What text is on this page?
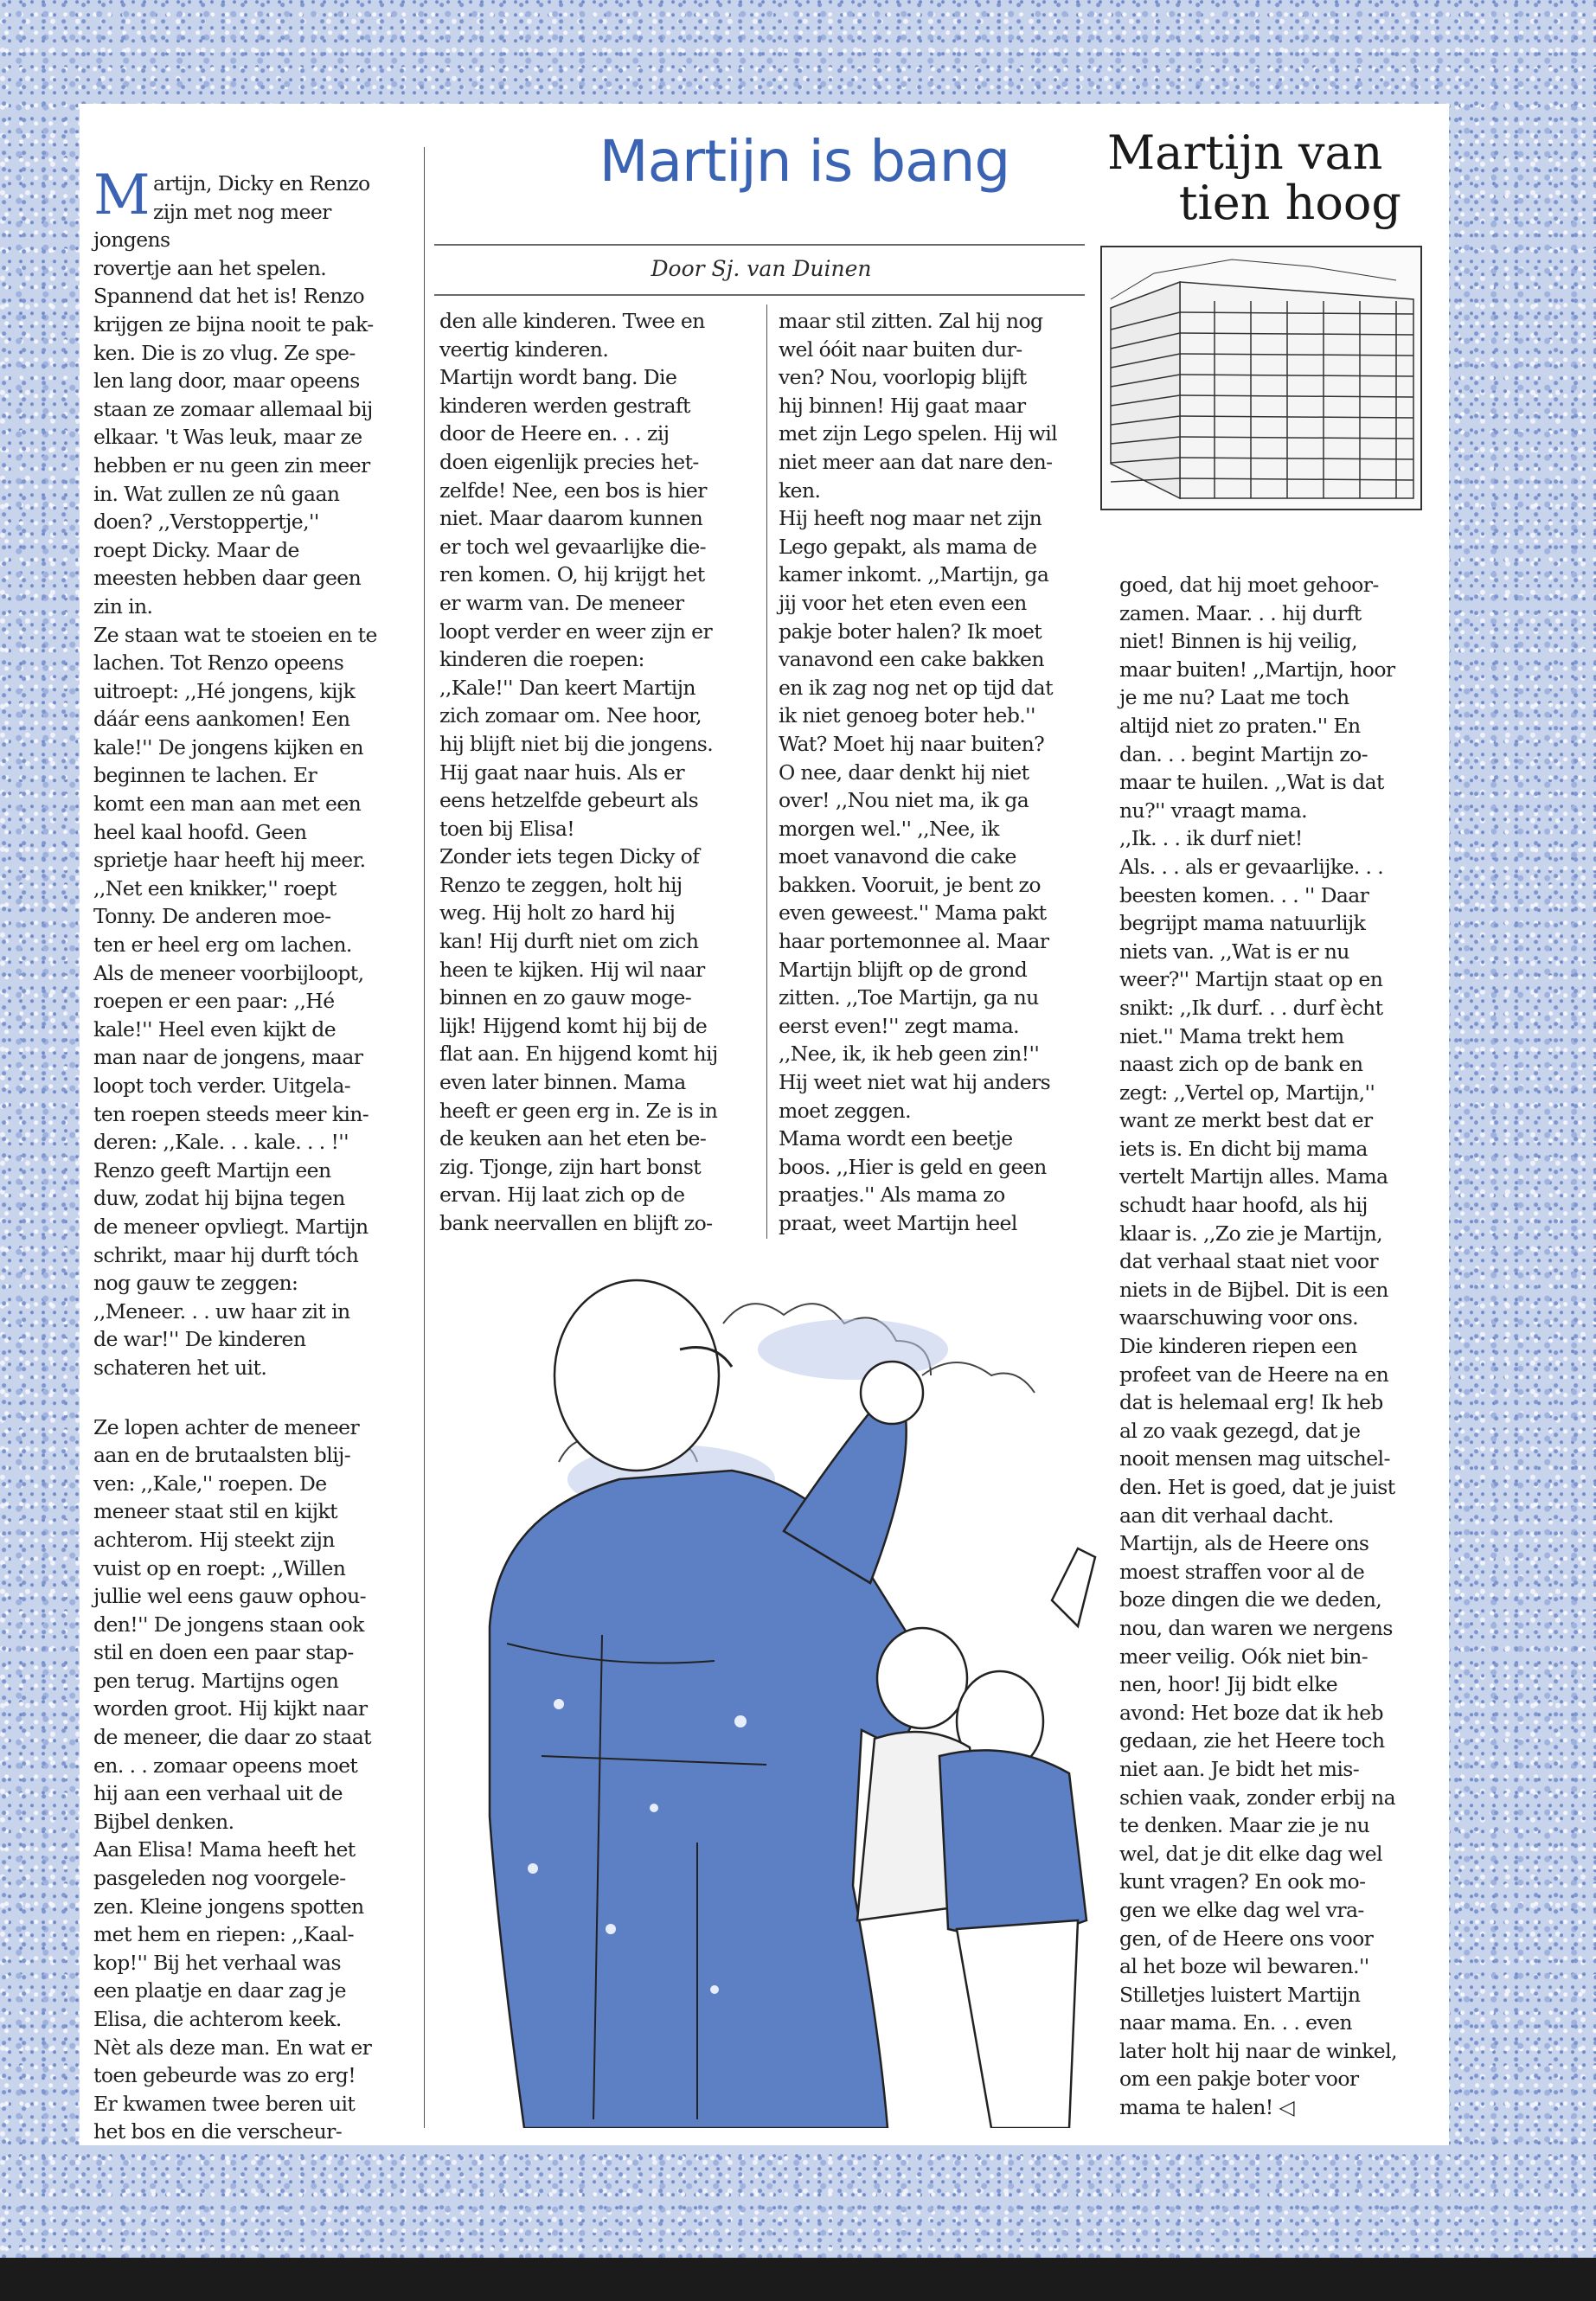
Martijn is bang
Door Sj. van Duinen
Martijn van
tien hoog
M artijn, Dicky en Renzo
zijn met nog meer jongens
rovertje aan het spelen.
Spannend dat het is! Renzo
krijgen ze bijna nooit te pak-
ken. Die is zo vlug. Ze spe-
len lang door, maar opeens
staan ze zomaar allemaal bij
elkaar. 't Was leuk, maar ze
hebben er nu geen zin meer
in. Wat zullen ze nû gaan
doen? ,,Verstoppertje,''
roept Dicky. Maar de
meesten hebben daar geen
zin in.

Ze staan wat te stoeien en te
lachen. Tot Renzo opeens
uitroept: ,,Hé jongens, kijk
dáár eens aankomen! Een
kale!'' De jongens kijken en
beginnen te lachen. Er
komt een man aan met een
heel kaal hoofd. Geen
sprietje haar heeft hij meer.
,,Net een knikker,'' roept
Tonny. De anderen moe-
ten er heel erg om lachen.
Als de meneer voorbijloopt,
roepen er een paar: ,,Hé
kale!'' Heel even kijkt de
man naar de jongens, maar
loopt toch verder. Uitgela-
ten roepen steeds meer kin-
deren: ,,Kale. . . kale. . . !''
Renzo geeft Martijn een
duw, zodat hij bijna tegen
de meneer opvliegt. Martijn
schrikt, maar hij durft tóch
nog gauw te zeggen:
,,Meneer. . . uw haar zit in
de war!'' De kinderen
schateren het uit.

Ze lopen achter de meneer
aan en de brutaalsten blij-
ven: ,,Kale,'' roepen. De
meneer staat stil en kijkt
achterom. Hij steekt zijn
vuist op en roept: ,,Willen
jullie wel eens gauw ophou-
den!'' De jongens staan ook
stil en doen een paar stap-
pen terug. Martijns ogen
worden groot. Hij kijkt naar
de meneer, die daar zo staat
en. . . zomaar opeens moet
hij aan een verhaal uit de
Bijbel denken.

Aan Elisa! Mama heeft het
pasgeleden nog voorgele-
zen. Kleine jongens spotten
met hem en riepen: ,,Kaal-
kop!'' Bij het verhaal was
een plaatje en daar zag je
Elisa, die achterom keek.
Nèt als deze man. En wat er
toen gebeurde was zo erg!
Er kwamen twee beren uit
het bos en die verscheur-

den alle kinderen. Twee en
veertig kinderen.

Martijn wordt bang. Die
kinderen werden gestraft
door de Heere en. . . zij
doen eigenlijk precies het-
zelfde! Nee, een bos is hier
niet. Maar daarom kunnen
er toch wel gevaarlijke die-
ren komen. O, hij krijgt het
er warm van. De meneer
loopt verder en weer zijn er
kinderen die roepen:
,,Kale!'' Dan keert Martijn
zich zomaar om. Nee hoor,
hij blijft niet bij die jongens.
Hij gaat naar huis. Als er
eens hetzelfde gebeurt als
toen bij Elisa!

Zonder iets tegen Dicky of
Renzo te zeggen, holt hij
weg. Hij holt zo hard hij
kan! Hij durft niet om zich
heen te kijken. Hij wil naar
binnen en zo gauw moge-
lijk! Hijgend komt hij bij de
flat aan. En hijgend komt hij
even later binnen. Mama
heeft er geen erg in. Ze is in
de keuken aan het eten be-
zig. Tjonge, zijn hart bonst
ervan. Hij laat zich op de
bank neervallen en blijft zo-

maar stil zitten. Zal hij nog
wel óóit naar buiten dur-
ven? Nou, voorlopig blijft
hij binnen! Hij gaat maar
met zijn Lego spelen. Hij wil
niet meer aan dat nare den-
ken.

Hij heeft nog maar net zijn
Lego gepakt, als mama de
kamer inkomt. ,,Martijn, ga
jij voor het eten even een
pakje boter halen? Ik moet
vanavond een cake bakken
en ik zag nog net op tijd dat
ik niet genoeg boter heb.''
Wat? Moet hij naar buiten?
O nee, daar denkt hij niet
over! ,,Nou niet ma, ik ga
morgen wel.'' ,,Nee, ik
moet vanavond die cake
bakken. Vooruit, je bent zo
even geweest.'' Mama pakt
haar portemonnee al. Maar
Martijn blijft op de grond
zitten. ,,Toe Martijn, ga nu
eerst even!'' zegt mama.
,,Nee, ik, ik heb geen zin!''
Hij weet niet wat hij anders
moet zeggen.

Mama wordt een beetje
boos. ,,Hier is geld en geen
praatjes.'' Als mama zo
praat, weet Martijn heel

goed, dat hij moet gehoor-
zamen. Maar. . . hij durft
niet! Binnen is hij veilig,
maar buiten! ,,Martijn, hoor
je me nu? Laat me toch
altijd niet zo praten.'' En
dan. . . begint Martijn zo-
maar te huilen. ,,Wat is dat
nu?'' vraagt mama.
,,Ik. . . ik durf niet!
Als. . . als er gevaarlijke. . .
beesten komen. . . '' Daar
begrijpt mama natuurlijk
niets van. ,,Wat is er nu
weer?'' Martijn staat op en
snikt: ,,Ik durf. . . durf ècht
niet.'' Mama trekt hem
naast zich op de bank en
zegt: ,,Vertel op, Martijn,''
want ze merkt best dat er
iets is. En dicht bij mama
vertelt Martijn alles. Mama
schudt haar hoofd, als hij
klaar is. ,,Zo zie je Martijn,
dat verhaal staat niet voor
niets in de Bijbel. Dit is een
waarschuwing voor ons.
Die kinderen riepen een
profeet van de Heere na en
dat is helemaal erg! Ik heb
al zo vaak gezegd, dat je
nooit mensen mag uitschel-
den. Het is goed, dat je juist
aan dit verhaal dacht.
Martijn, als de Heere ons
moest straffen voor al de
boze dingen die we deden,
nou, dan waren we nergens
meer veilig. Oók niet bin-
nen, hoor! Jij bidt elke
avond: Het boze dat ik heb
gedaan, zie het Heere toch
niet aan. Je bidt het mis-
schien vaak, zonder erbij na
te denken. Maar zie je nu
wel, dat je dit elke dag wel
kunt vragen? En ook mo-
gen we elke dag wel vra-
gen, of de Heere ons voor
al het boze wil bewaren.''
Stilletjes luistert Martijn
naar mama. En. . . even
later holt hij naar de winkel,
om een pakje boter voor
mama te halen! ◁
